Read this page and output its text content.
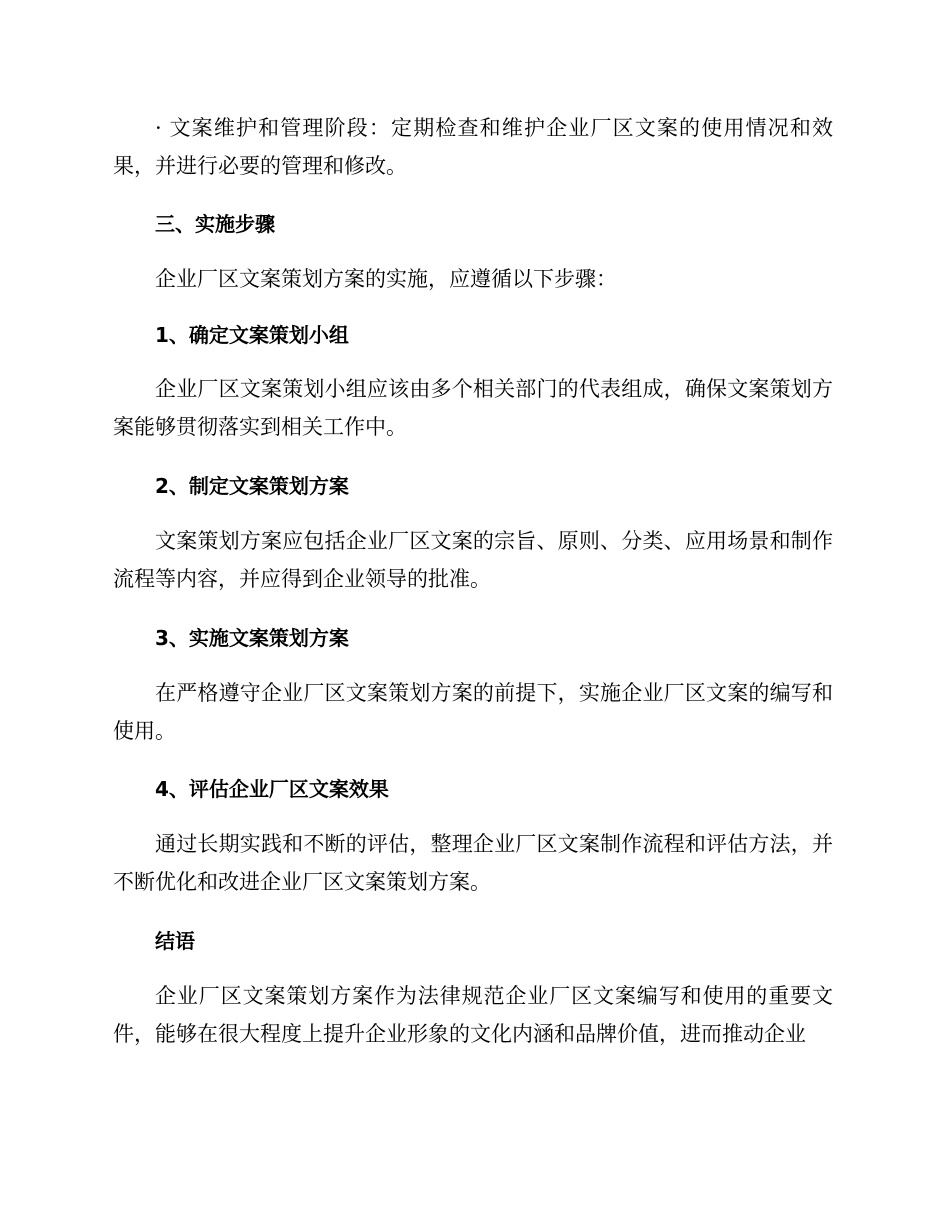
· 文案维护和管理阶段：定期检查和维护企业厂区文案的使用情况和效果，并进行必要的管理和修改。

三、实施步骤

企业厂区文案策划方案的实施，应遵循以下步骤：

1、确定文案策划小组

企业厂区文案策划小组应该由多个相关部门的代表组成，确保文案策划方案能够贯彻落实到相关工作中。

2、制定文案策划方案

文案策划方案应包括企业厂区文案的宗旨、原则、分类、应用场景和制作流程等内容，并应得到企业领导的批准。

3、实施文案策划方案

在严格遵守企业厂区文案策划方案的前提下，实施企业厂区文案的编写和使用。

4、评估企业厂区文案效果

通过长期实践和不断的评估，整理企业厂区文案制作流程和评估方法，并不断优化和改进企业厂区文案策划方案。

结语

企业厂区文案策划方案作为法律规范企业厂区文案编写和使用的重要文件，能够在很大程度上提升企业形象的文化内涵和品牌价值，进而推动企业
